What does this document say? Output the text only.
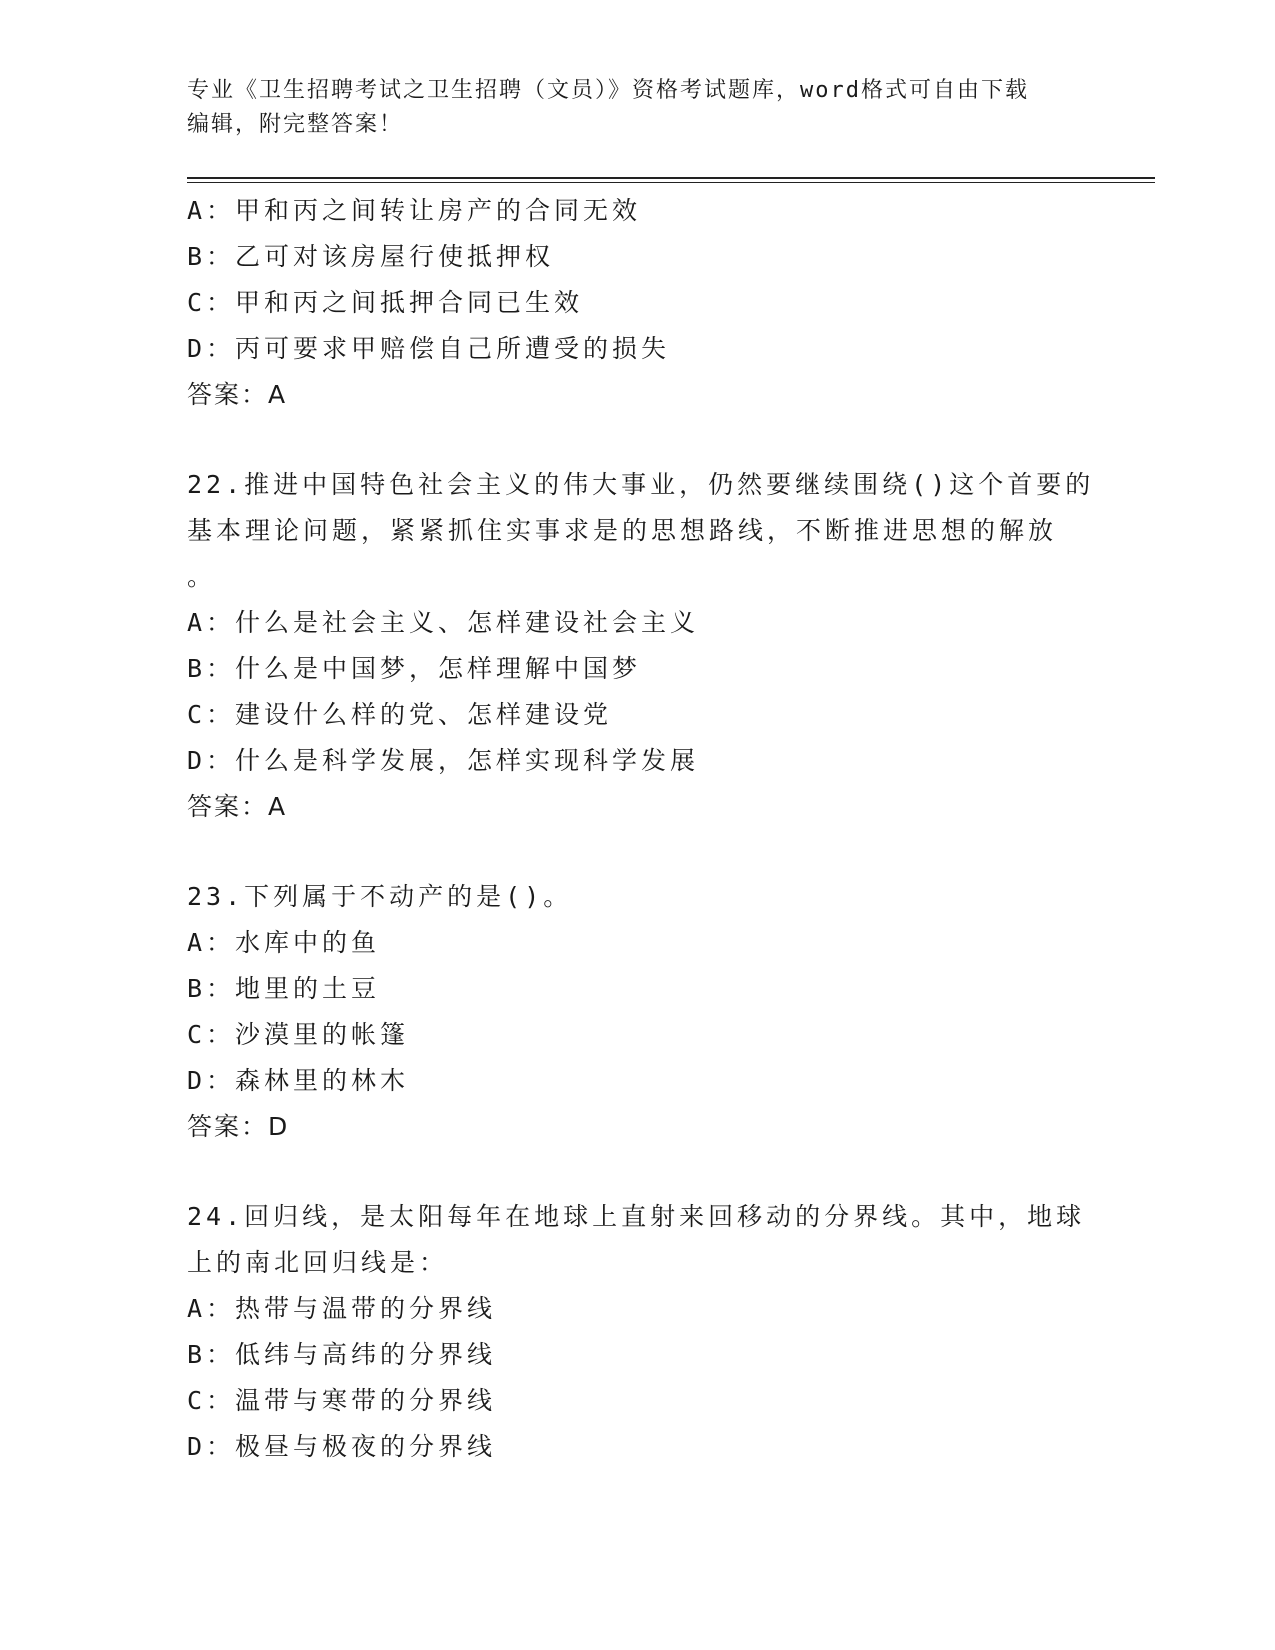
专业《卫生招聘考试之卫生招聘（文员）》资格考试题库，word格式可自由下载
编辑，附完整答案！
A：甲和丙之间转让房产的合同无效
B：乙可对该房屋行使抵押权
C：甲和丙之间抵押合同已生效
D：丙可要求甲赔偿自己所遭受的损失
答案：A
22.推进中国特色社会主义的伟大事业，仍然要继续围绕()这个首要的
基本理论问题，紧紧抓住实事求是的思想路线，不断推进思想的解放
。
A：什么是社会主义、怎样建设社会主义
B：什么是中国梦，怎样理解中国梦
C：建设什么样的党、怎样建设党
D：什么是科学发展，怎样实现科学发展
答案：A
23.下列属于不动产的是()。
A：水库中的鱼
B：地里的土豆
C：沙漠里的帐篷
D：森林里的林木
答案：D
24.回归线，是太阳每年在地球上直射来回移动的分界线。其中，地球
上的南北回归线是：
A：热带与温带的分界线
B：低纬与高纬的分界线
C：温带与寒带的分界线
D：极昼与极夜的分界线
